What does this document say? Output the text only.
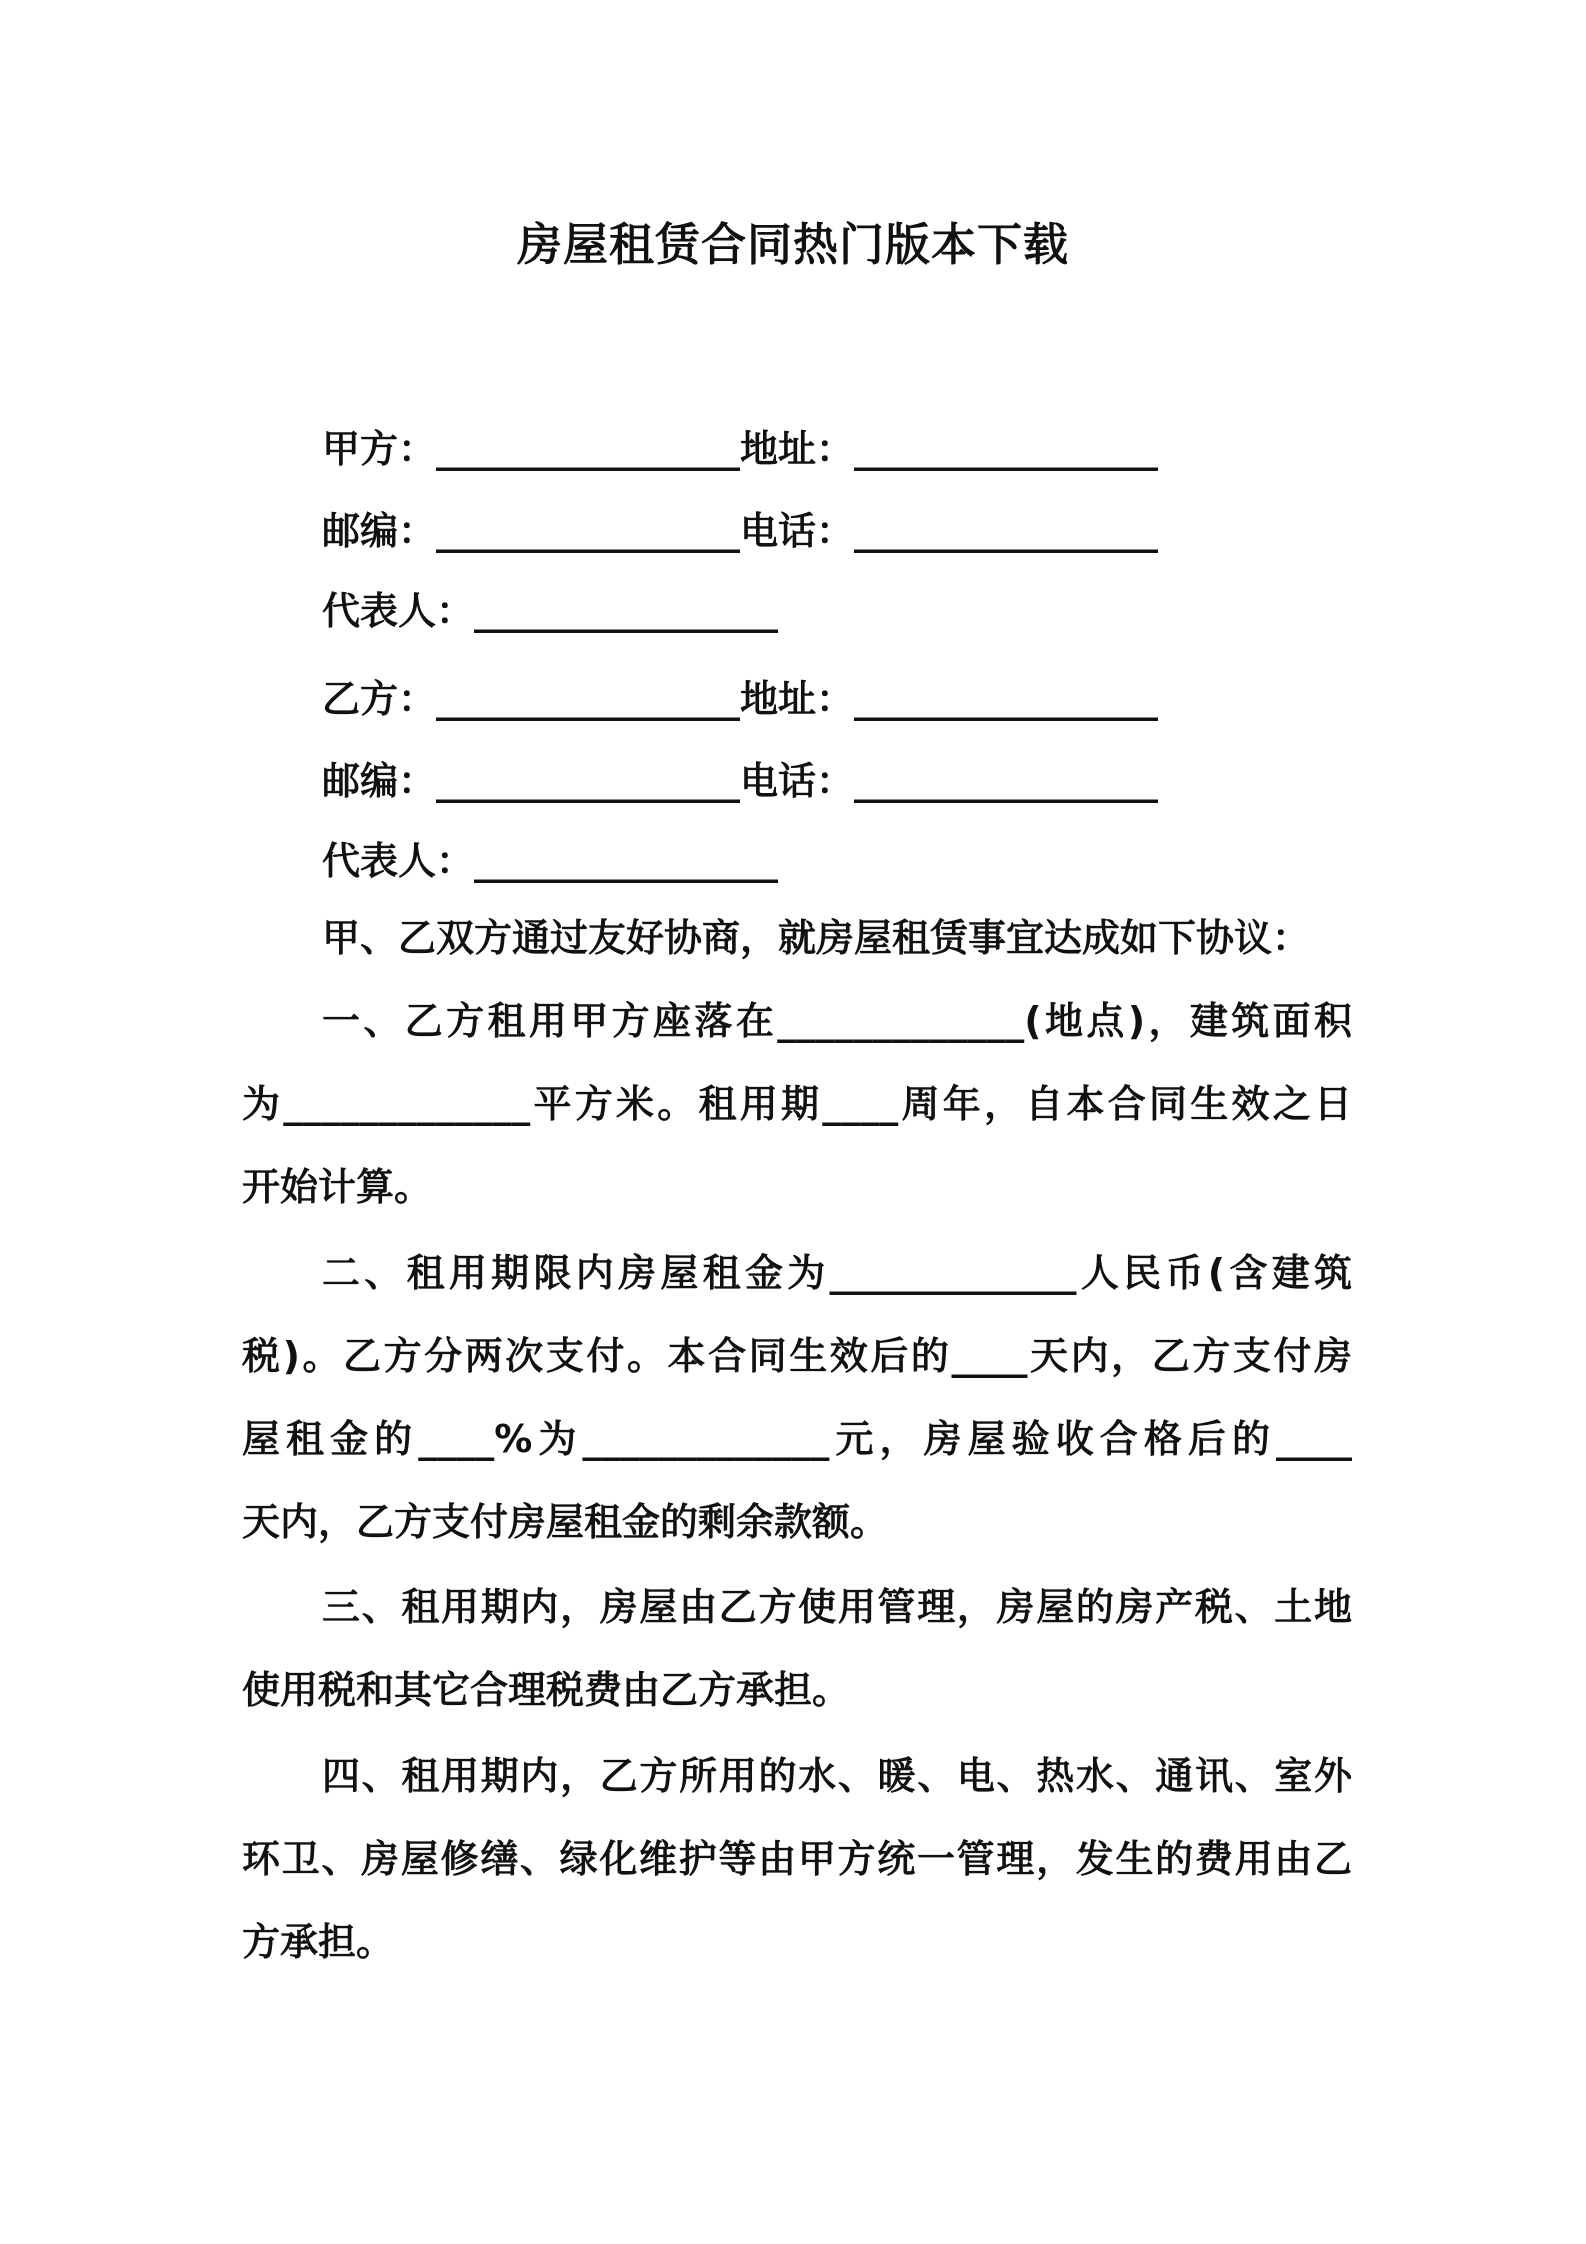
房屋租赁合同热门版本下载
甲方：________________地址：________________
邮编：________________电话：________________
代表人：________________
乙方：________________地址：________________
邮编：________________电话：________________
代表人：________________
甲、乙双方通过友好协商，就房屋租赁事宜达成如下协议：
一、乙方租用甲方座落在_____________(地点)，建筑面积
为_____________平方米。租用期____周年，自本合同生效之日
开始计算。
二、租用期限内房屋租金为_____________人民币(含建筑
税)。乙方分两次支付。本合同生效后的____天内，乙方支付房
屋租金的____%为_____________元，房屋验收合格后的____
天内，乙方支付房屋租金的剩余款额。
三、租用期内，房屋由乙方使用管理，房屋的房产税、土地
使用税和其它合理税费由乙方承担。
四、租用期内，乙方所用的水、暖、电、热水、通讯、室外
环卫、房屋修缮、绿化维护等由甲方统一管理，发生的费用由乙
方承担。
